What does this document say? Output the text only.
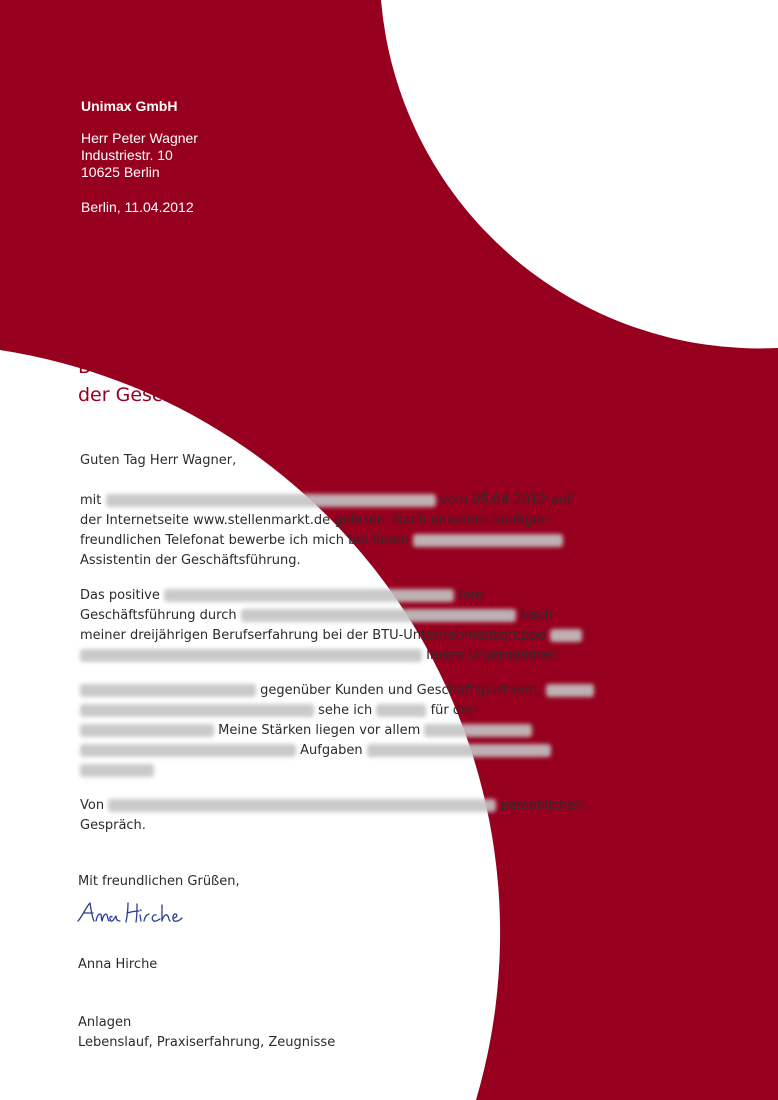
Unimax GmbH
Herr Peter Wagner
Industriestr. 10
10625 Berlin
Berlin, 11.04.2012
Bewerbung als Assistentin
der Geschäftsführung

Guten Tag Herr Wagner,

mit	vom 05.04.2012 auf
der Internetseite www.stellenmarkt.de gelesen. Nach unserem heutigen
freundlichen Telefonat bewerbe ich mich bei Ihnen
Assistentin der Geschäftsführung.

Das positive	Ihre
Geschäftsführung durch	Nach
meiner dreijährigen Berufserfahrung bei der BTU-Unternehmensgruppe
Ihrem Unternehmen.

gegenüber Kunden und Geschäftspartnern,
sehe ich	für den
Meine Stärken liegen vor allem
Aufgaben

Von	persönlichen
Gespräch.

Mit freundlichen Grüßen,

Anna Hirche

Anlagen
Lebenslauf, Praxiserfahrung, Zeugnisse
